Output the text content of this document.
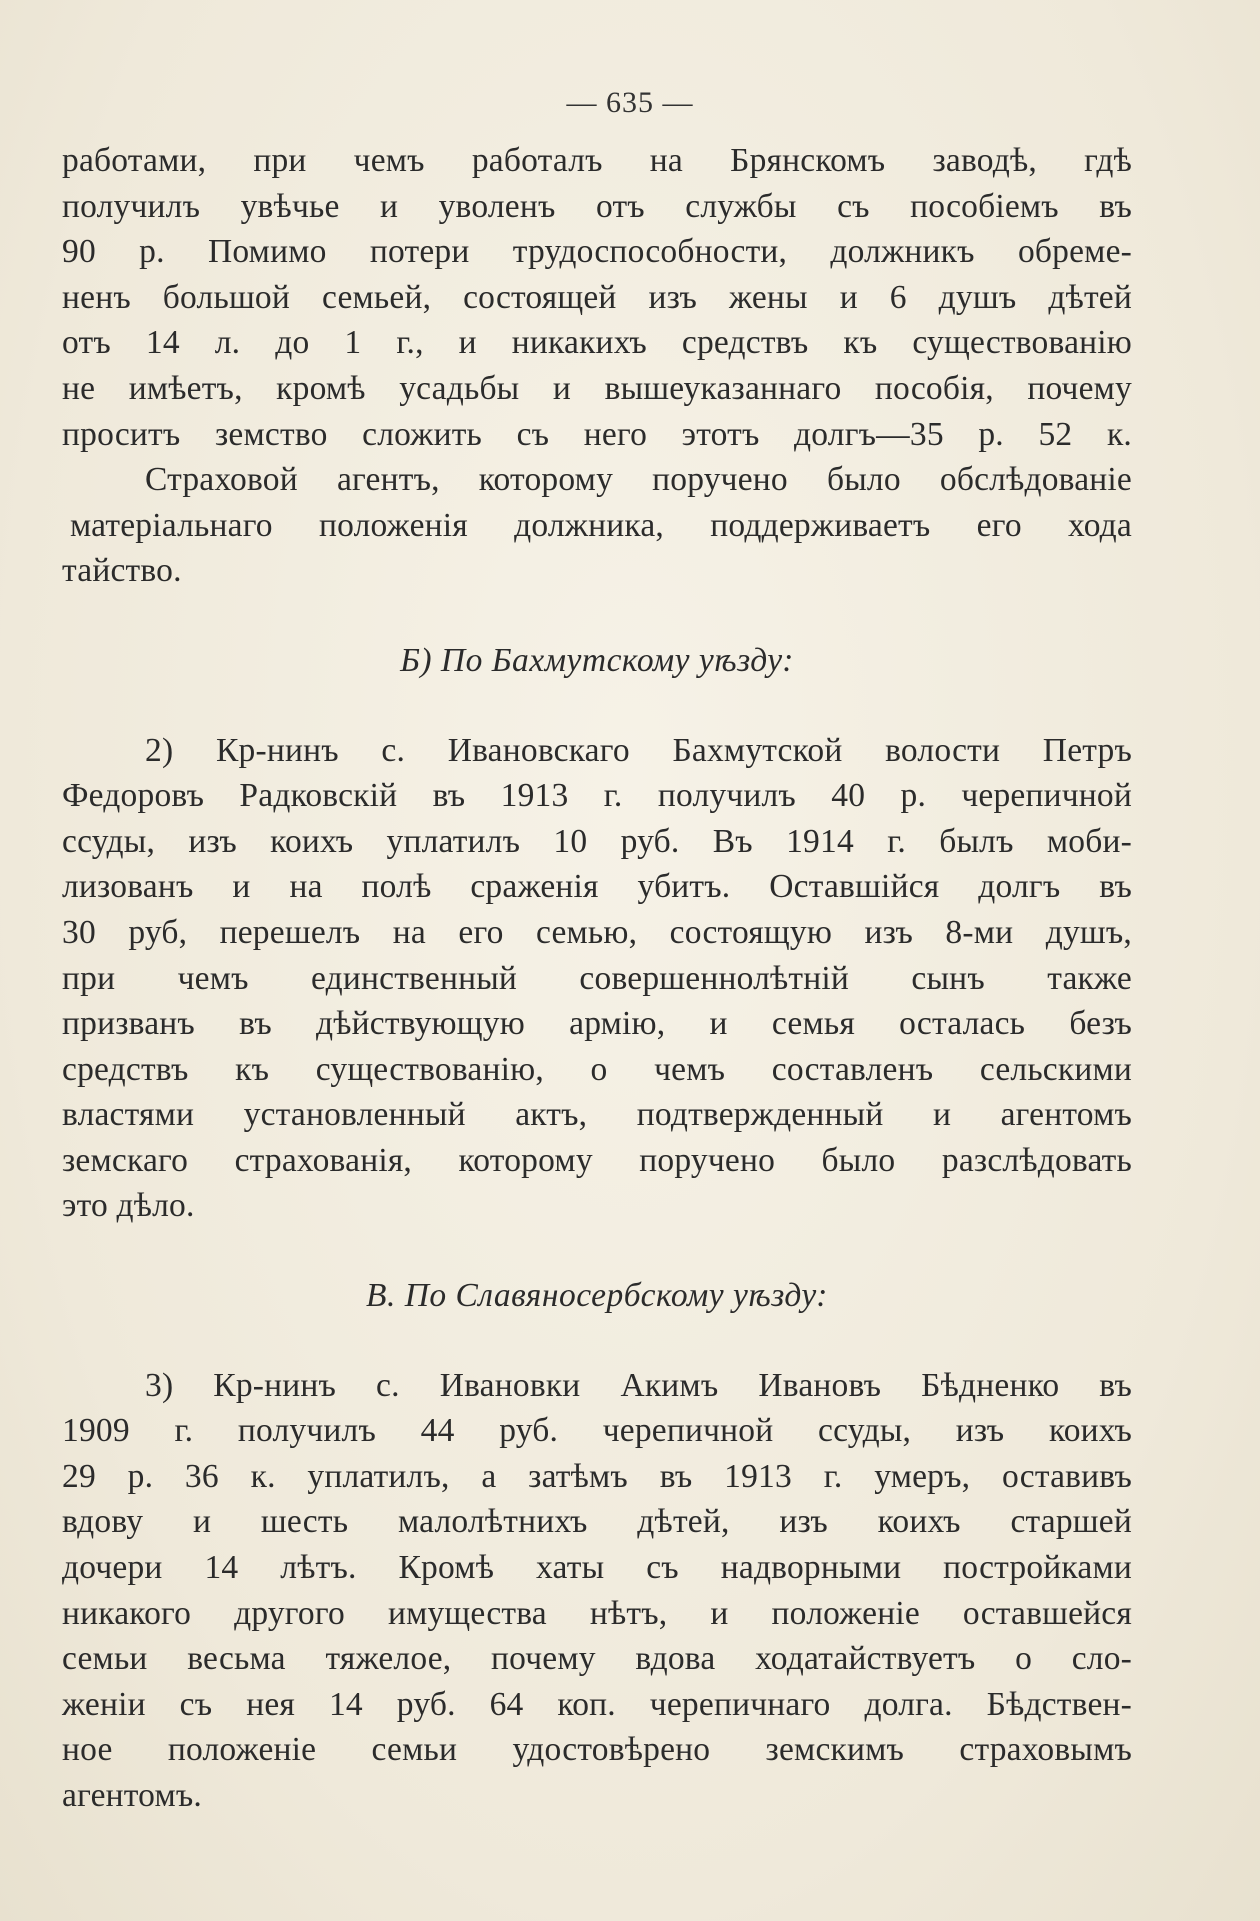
— 635 —
работами, при чемъ работалъ на Брянскомъ заводѣ, гдѣ
получилъ увѣчье и уволенъ отъ службы съ пособіемъ въ
90 р. Помимо потери трудоспособности, должникъ обреме-
ненъ большой семьей, состоящей изъ жены и 6 душъ дѣтей
отъ 14 л. до 1 г., и никакихъ средствъ къ существованію
не имѣетъ, кромѣ усадьбы и вышеуказаннаго пособія, почему
проситъ земство сложить съ него этотъ долгъ—35 р. 52 к.
Страховой агентъ, которому поручено было обслѣдованіе
матеріальнаго положенія должника, поддерживаетъ его хода
тайство.
Б) По Бахмутскому уѣзду:
2) Кр-нинъ с. Ивановскаго Бахмутской волости Петръ
Федоровъ Радковскій въ 1913 г. получилъ 40 р. черепичной
ссуды, изъ коихъ уплатилъ 10 руб. Въ 1914 г. былъ моби-
лизованъ и на полѣ сраженія убитъ. Оставшійся долгъ въ
30 руб, перешелъ на его семью, состоящую изъ 8-ми душъ,
при чемъ единственный совершеннолѣтній сынъ также
призванъ въ дѣйствующую армію, и семья осталась безъ
средствъ къ существованію, о чемъ составленъ сельскими
властями установленный актъ, подтвержденный и агентомъ
земскаго страхованія, которому поручено было разслѣдовать
это дѣло.
В. По Славяносербскому уѣзду:
3) Кр-нинъ с. Ивановки Акимъ Ивановъ Бѣдненко въ
1909 г. получилъ 44 руб. черепичной ссуды, изъ коихъ
29 р. 36 к. уплатилъ, а затѣмъ въ 1913 г. умеръ, оставивъ
вдову и шесть малолѣтнихъ дѣтей, изъ коихъ старшей
дочери 14 лѣтъ. Кромѣ хаты съ надворными постройками
никакого другого имущества нѣтъ, и положеніе оставшейся
семьи весьма тяжелое, почему вдова ходатайствуетъ о сло-
женіи съ нея 14 руб. 64 коп. черепичнаго долга. Бѣдствен-
ное положеніе семьи удостовѣрено земскимъ страховымъ
агентомъ.
